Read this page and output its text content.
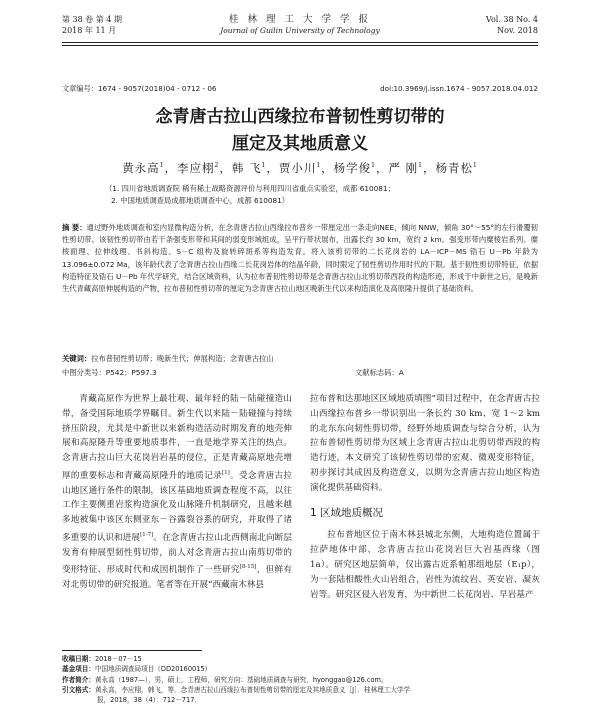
第 38 卷 第 4 期
2018 年 11 月
桂 林 理 工 大 学 学 报
Journal of Guilin University of Technology
Vol. 38 No. 4
Nov. 2018
文章编号：1674 - 9057(2018)04 - 0712 - 06	doi:10.3969/j.issn.1674 - 9057.2018.04.012
念青唐古拉山西缘拉布普韧性剪切带的
厘定及其地质意义
黄永高$^1$，李应栩$^2$，韩 飞$^1$，贾小川$^1$，杨学俊$^1$，严 刚$^1$，杨青松$^1$
（1. 四川省地质调查院 稀有稀土战略资源评价与利用四川省重点实验室，成都 610081；
2. 中国地质调查局成都地质调查中心，成都 610081）
摘 要：通过野外地质调查和室内显微构造分析，在念青唐古拉山西缘拉布普乡一带厘定出一条走向NEE，倾向 NNW，倾角 30°～55°的左行滑覆韧性剪切带。该韧性剪切带由若干条强变形带和其间的弱变形域组成，呈平行带状展布，出露长约 30 km，宽约 2 km。强变形带内糜棱岩系列、糜棱面理、拉伸线理、书斜构造、S－C 组构及旋转碎斑系等构造发育。将入该剪切带的二长花岗岩的 LA－ICP－MS 锆石 U－Pb 年龄为 13.096±0.072 Ma，该年龄代表了念青唐古拉山西缘二长花岗岩体的结晶年龄，同时限定了韧性剪切作用时代的下限。基于韧性剪切带特征，依据构造特征及锆石 U－Pb 年代学研究，结合区域资料，认为拉布普韧性剪切带是念青唐古拉山北剪切带西段的构造形迹，形成于中新世之后，是晚新生代青藏高原伸展构造的产物，拉布普韧性剪切带的厘定为念青唐古拉山地区晚新生代以来构造演化及高原隆升提供了基础资料。
关键词：拉布普韧性剪切带；晚新生代；伸展构造；念青唐古拉山
中图分类号：P542；P597.3	文献标志码：A

青藏高原作为世界上最壮观、最年轻的陆－陆碰撞造山带，备受国际地质学界瞩目。新生代以来陆－陆碰撞与持续挤压阶段，尤其是中新世以来新构造活动时期发育的地壳伸展和高原隆升等重要地质事件，一直是地学界关注的热点。念青唐古拉山巨大花岗岩岩基的侵位，正是青藏高原地壳增厚的重要标志和青藏高原隆升的地质记录[1]。受念青唐古拉山地区通行条件的限制，该区基础地质调查程度不高，以往工作主要侧重岩浆构造演化及山脉隆升机制研究，且越来越多地被集中该区东侧亚东－谷露裂谷系的研究，并取得了诸多重要的认识和进展[1-7]。在念青唐古拉山北西侧南北向断层发育有伸展型韧性剪切带，前人对念青唐古拉山南剪切带的变形特征、形成时代和成因机制作了一些研究[8-15]，但鲜有对北剪切带的研究报道。笔者等在开展“西藏南木林县

拉布普和达那地区区域地质填图”项目过程中，在念青唐古拉山西缘拉布普乡一带识别出一条长约 30 km、宽 1～2 km 的北东东向韧性剪切带，经野外地质调查与综合分析，认为拉布普韧性剪切带为区域上念青唐古拉山北剪切带西段的构造行迹，本文研究了该韧性剪切带的宏观、微观变形特征，初步探讨其成因及构造意义，以期为念青唐古拉山地区构造演化提供基础资料。

1 区域地质概况

拉布普地区位于南木林县城北东侧，大地构造位置属于拉萨地体中部，念青唐古拉山花岗岩巨大岩基西缘（图 1a）。研究区地层简单，仅出露古近系帕那组地层（E₁p），为一套陆相酸性火山岩组合，岩性为流纹岩、英安岩、凝灰岩等。研究区侵入岩发育，为中新世二长花岗岩、早岩基产

收稿日期：2018－07－15
基金项目：中国地质调查局项目（DD20160015）
作者简介：黄永高（1987—），男，硕士，工程师，研究方向：基础地质调查与研究，hyonggao@126.com。
引文格式：黄永高，李应栩，韩飞，等．念青唐古拉山西缘拉布普韧性剪切带的厘定及其地质意义［J］．桂林理工大学学
报，2018，38（4）：712－717．
